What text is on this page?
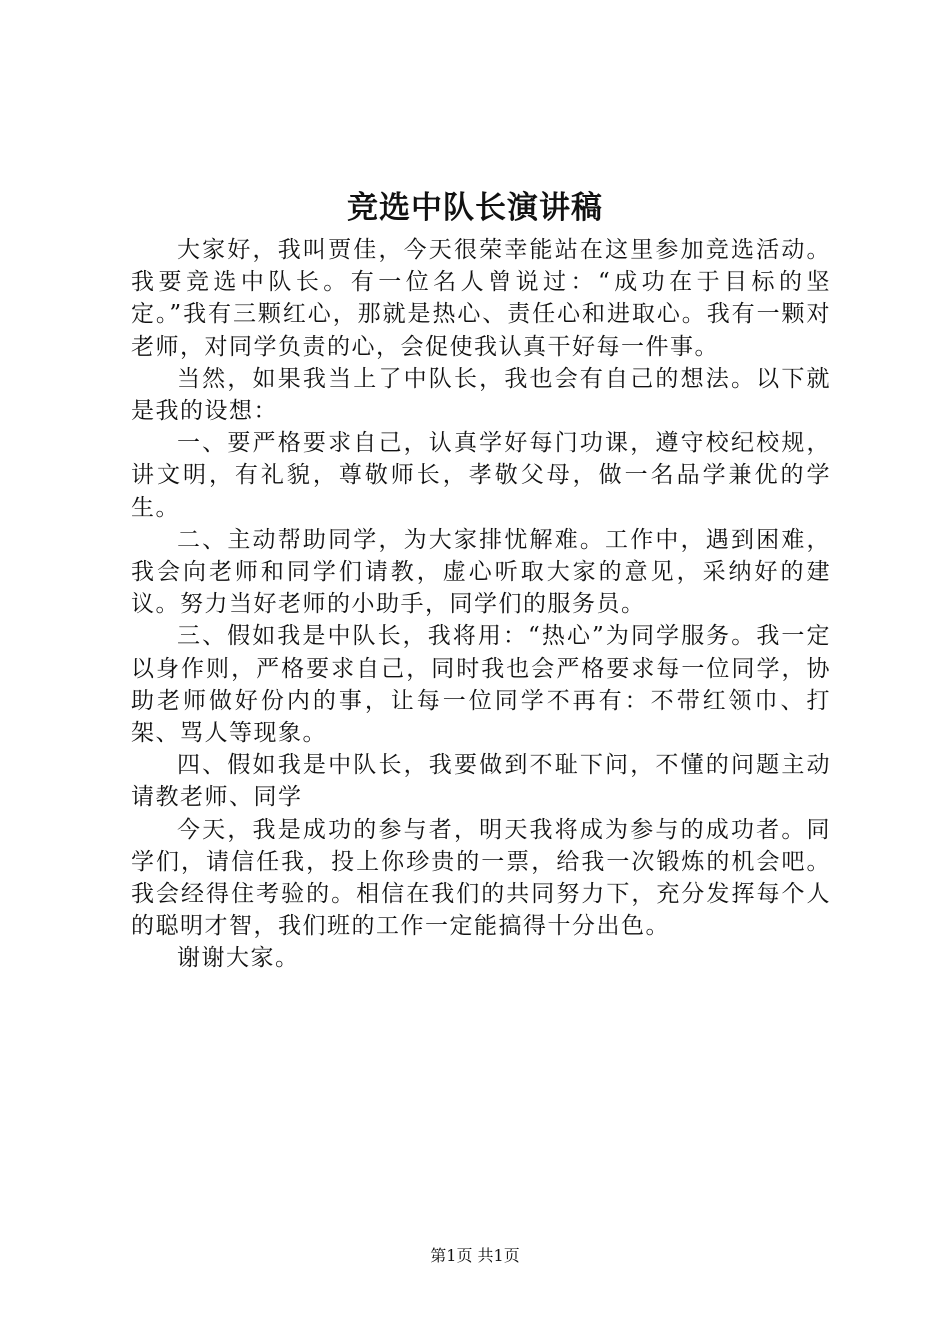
竞选中队长演讲稿

大家好，我叫贾佳，今天很荣幸能站在这里参加竞选活动。我要竞选中队长。有一位名人曾说过：“成功在于目标的坚定。”我有三颗红心，那就是热心、责任心和进取心。我有一颗对老师，对同学负责的心，会促使我认真干好每一件事。

当然，如果我当上了中队长，我也会有自己的想法。以下就是我的设想：

一、要严格要求自己，认真学好每门功课，遵守校纪校规，讲文明，有礼貌，尊敬师长，孝敬父母，做一名品学兼优的学生。

二、主动帮助同学，为大家排忧解难。工作中，遇到困难，我会向老师和同学们请教，虚心听取大家的意见，采纳好的建议。努力当好老师的小助手，同学们的服务员。

三、假如我是中队长，我将用：“热心”为同学服务。我一定以身作则，严格要求自己，同时我也会严格要求每一位同学，协助老师做好份内的事，让每一位同学不再有：不带红领巾、打架、骂人等现象。

四、假如我是中队长，我要做到不耻下问，不懂的问题主动请教老师、同学

今天，我是成功的参与者，明天我将成为参与的成功者。同学们，请信任我，投上你珍贵的一票，给我一次锻炼的机会吧。我会经得住考验的。相信在我们的共同努力下，充分发挥每个人的聪明才智，我们班的工作一定能搞得十分出色。

谢谢大家。

第1页 共1页
